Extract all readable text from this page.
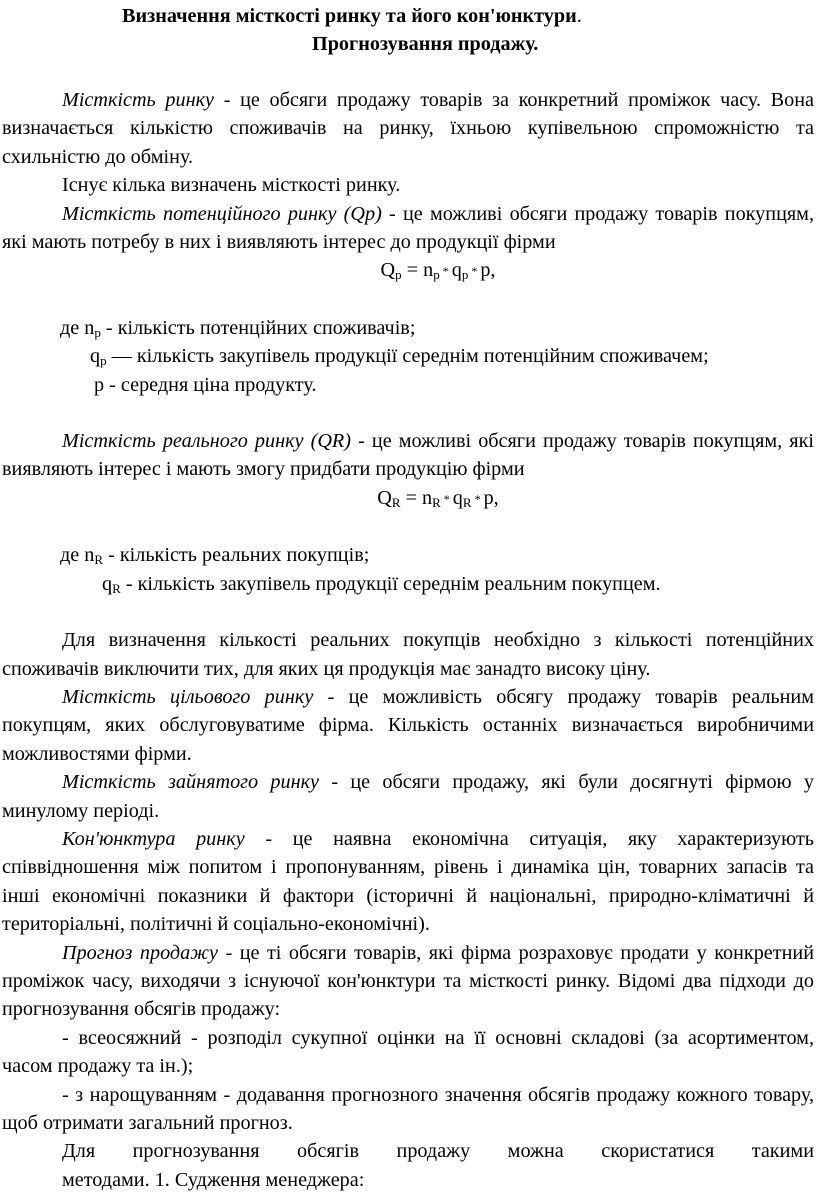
Визначення місткості ринку та його кон'юнктури.
Прогнозування продажу.

Місткість ринку - це обсяги продажу товарів за конкретний проміжок часу. Вона визначається кількістю споживачів на ринку, їхньою купівельною спроможністю та схильністю до обміну.

Існує кілька визначень місткості ринку.

Місткість потенційного ринку (Qp) - це можливі обсяги продажу товарів покупцям, які мають потребу в них і виявляють інтерес до продукції фірми

$Q_p = n_p * q_p * p$,

де $n_p$ - кількість потенційних споживачів;

$q_p$ — кількість закупівель продукції середнім потенційним споживачем;

р - середня ціна продукту.

Місткість реального ринку (QR) - це можливі обсяги продажу товарів покупцям, які виявляють інтерес і мають змогу придбати продукцію фірми

$Q_R = n_R * q_R * p$,

де $n_R$ - кількість реальних покупців;

$q_R$ - кількість закупівель продукції середнім реальним покупцем.

Для визначення кількості реальних покупців необхідно з кількості потенційних споживачів виключити тих, для яких ця продукція має занадто високу ціну.

Місткість цільового ринку - це можливість обсягу продажу товарів реальним покупцям, яких обслуговуватиме фірма. Кількість останніх визначається виробничими можливостями фірми.

Місткість зайнятого ринку - це обсяги продажу, які були досягнуті фірмою у минулому періоді.

Кон'юнктура ринку - це наявна економічна ситуація, яку характеризують співвідношення між попитом і пропонуванням, рівень і динаміка цін, товарних запасів та інші економічні показники й фактори (історичні й національні, природно-кліматичні й територіальні, політичні й соціально-економічні).

Прогноз продажу - це ті обсяги товарів, які фірма розраховує продати у конкретний проміжок часу, виходячи з існуючої кон'юнктури та місткості ринку. Відомі два підходи до прогнозування обсягів продажу:

- всеосяжний - розподіл сукупної оцінки на її основні складові (за асортиментом, часом продажу та ін.);

- з нарощуванням - додавання прогнозного значення обсягів продажу кожного товару, щоб отримати загальний прогноз.

Для прогнозування обсягів продажу можна скористатися такими

методами. 1. Судження менеджера:
